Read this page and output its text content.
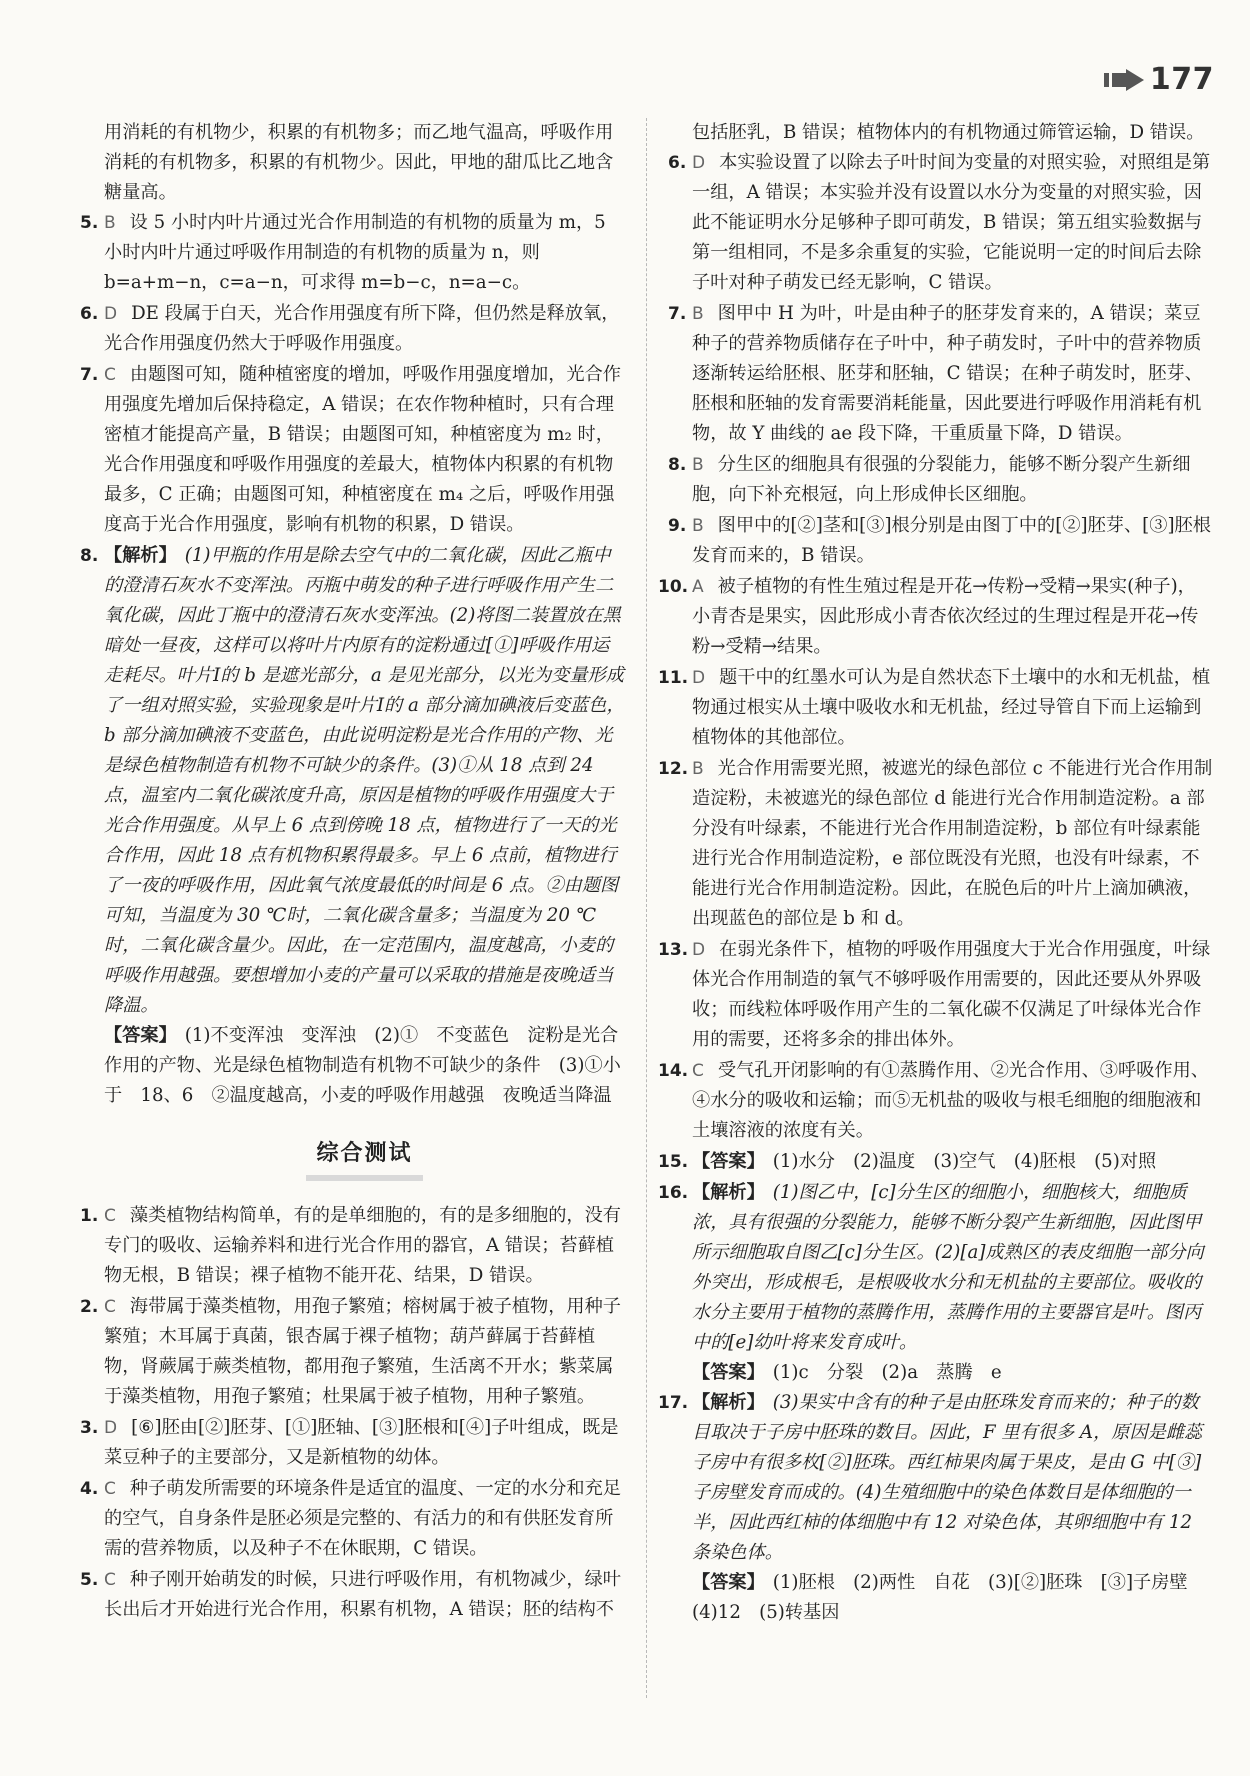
177

用消耗的有机物少，积累的有机物多；而乙地气温高，呼吸作用消耗的有机物多，积累的有机物少。因此，甲地的甜瓜比乙地含糖量高。

5. B 设 5 小时内叶片通过光合作用制造的有机物的质量为 m，5 小时内叶片通过呼吸作用制造的有机物的质量为 n，则 b=a+m−n，c=a−n，可求得 m=b−c，n=a−c。

6. D DE 段属于白天，光合作用强度有所下降，但仍然是释放氧，光合作用强度仍然大于呼吸作用强度。

7. C 由题图可知，随种植密度的增加，呼吸作用强度增加，光合作用强度先增加后保持稳定，A 错误；在农作物种植时，只有合理密植才能提高产量，B 错误；由题图可知，种植密度为 m₂ 时，光合作用强度和呼吸作用强度的差最大，植物体内积累的有机物最多，C 正确；由题图可知，种植密度在 m₄ 之后，呼吸作用强度高于光合作用强度，影响有机物的积累，D 错误。

8. 【解析】 (1)甲瓶的作用是除去空气中的二氧化碳，因此乙瓶中的澄清石灰水不变浑浊。丙瓶中萌发的种子进行呼吸作用产生二氧化碳，因此丁瓶中的澄清石灰水变浑浊。(2)将图二装置放在黑暗处一昼夜，这样可以将叶片内原有的淀粉通过[①]呼吸作用运走耗尽。叶片Ⅰ的 b 是遮光部分，a 是见光部分，以光为变量形成了一组对照实验，实验现象是叶片Ⅰ的 a 部分滴加碘液后变蓝色，b 部分滴加碘液不变蓝色，由此说明淀粉是光合作用的产物、光是绿色植物制造有机物不可缺少的条件。(3)①从 18 点到 24 点，温室内二氧化碳浓度升高，原因是植物的呼吸作用强度大于光合作用强度。从早上 6 点到傍晚 18 点，植物进行了一天的光合作用，因此 18 点有机物积累得最多。早上 6 点前，植物进行了一夜的呼吸作用，因此氧气浓度最低的时间是 6 点。②由题图可知，当温度为 30 ℃时，二氧化碳含量多；当温度为 20 ℃时，二氧化碳含量少。因此，在一定范围内，温度越高，小麦的呼吸作用越强。要想增加小麦的产量可以采取的措施是夜晚适当降温。

【答案】 (1)不变浑浊　变浑浊　(2)①　不变蓝色　淀粉是光合作用的产物、光是绿色植物制造有机物不可缺少的条件　(3)①小于　18、6　②温度越高，小麦的呼吸作用越强　夜晚适当降温

综合测试

1. C 藻类植物结构简单，有的是单细胞的，有的是多细胞的，没有专门的吸收、运输养料和进行光合作用的器官，A 错误；苔藓植物无根，B 错误；裸子植物不能开花、结果，D 错误。

2. C 海带属于藻类植物，用孢子繁殖；榕树属于被子植物，用种子繁殖；木耳属于真菌，银杏属于裸子植物；葫芦藓属于苔藓植物，肾蕨属于蕨类植物，都用孢子繁殖，生活离不开水；紫菜属于藻类植物，用孢子繁殖；杜果属于被子植物，用种子繁殖。

3. D [⑥]胚由[②]胚芽、[①]胚轴、[③]胚根和[④]子叶组成，既是菜豆种子的主要部分，又是新植物的幼体。

4. C 种子萌发所需要的环境条件是适宜的温度、一定的水分和充足的空气，自身条件是胚必须是完整的、有活力的和有供胚发育所需的营养物质，以及种子不在休眠期，C 错误。

5. C 种子刚开始萌发的时候，只进行呼吸作用，有机物减少，绿叶长出后才开始进行光合作用，积累有机物，A 错误；胚的结构不

包括胚乳，B 错误；植物体内的有机物通过筛管运输，D 错误。

6. D 本实验设置了以除去子叶时间为变量的对照实验，对照组是第一组，A 错误；本实验并没有设置以水分为变量的对照实验，因此不能证明水分足够种子即可萌发，B 错误；第五组实验数据与第一组相同，不是多余重复的实验，它能说明一定的时间后去除子叶对种子萌发已经无影响，C 错误。

7. B 图甲中 H 为叶，叶是由种子的胚芽发育来的，A 错误；菜豆种子的营养物质储存在子叶中，种子萌发时，子叶中的营养物质逐渐转运给胚根、胚芽和胚轴，C 错误；在种子萌发时，胚芽、胚根和胚轴的发育需要消耗能量，因此要进行呼吸作用消耗有机物，故 Y 曲线的 ae 段下降，干重质量下降，D 错误。

8. B 分生区的细胞具有很强的分裂能力，能够不断分裂产生新细胞，向下补充根冠，向上形成伸长区细胞。

9. B 图甲中的[②]茎和[③]根分别是由图丁中的[②]胚芽、[③]胚根发育而来的，B 错误。

10. A 被子植物的有性生殖过程是开花→传粉→受精→果实(种子)，小青杏是果实，因此形成小青杏依次经过的生理过程是开花→传粉→受精→结果。

11. D 题干中的红墨水可认为是自然状态下土壤中的水和无机盐，植物通过根实从土壤中吸收水和无机盐，经过导管自下而上运输到植物体的其他部位。

12. B 光合作用需要光照，被遮光的绿色部位 c 不能进行光合作用制造淀粉，未被遮光的绿色部位 d 能进行光合作用制造淀粉。a 部分没有叶绿素，不能进行光合作用制造淀粉，b 部位有叶绿素能进行光合作用制造淀粉，e 部位既没有光照，也没有叶绿素，不能进行光合作用制造淀粉。因此，在脱色后的叶片上滴加碘液，出现蓝色的部位是 b 和 d。

13. D 在弱光条件下，植物的呼吸作用强度大于光合作用强度，叶绿体光合作用制造的氧气不够呼吸作用需要的，因此还要从外界吸收；而线粒体呼吸作用产生的二氧化碳不仅满足了叶绿体光合作用的需要，还将多余的排出体外。

14. C 受气孔开闭影响的有①蒸腾作用、②光合作用、③呼吸作用、④水分的吸收和运输；而⑤无机盐的吸收与根毛细胞的细胞液和土壤溶液的浓度有关。

15. 【答案】 (1)水分　(2)温度　(3)空气　(4)胚根　(5)对照

16. 【解析】 (1)图乙中，[c]分生区的细胞小，细胞核大，细胞质浓，具有很强的分裂能力，能够不断分裂产生新细胞，因此图甲所示细胞取自图乙[c]分生区。(2)[a]成熟区的表皮细胞一部分向外突出，形成根毛，是根吸收水分和无机盐的主要部位。吸收的水分主要用于植物的蒸腾作用，蒸腾作用的主要器官是叶。图丙中的[e]幼叶将来发育成叶。

【答案】 (1)c　分裂　(2)a　蒸腾　e

17. 【解析】 (3)果实中含有的种子是由胚珠发育而来的；种子的数目取决于子房中胚珠的数目。因此，F 里有很多 A，原因是雌蕊子房中有很多枚[②]胚珠。西红柿果肉属于果皮，是由 G 中[③]子房壁发育而成的。(4)生殖细胞中的染色体数目是体细胞的一半，因此西红柿的体细胞中有 12 对染色体，其卵细胞中有 12 条染色体。

【答案】 (1)胚根　(2)两性　自花　(3)[②]胚珠　[③]子房壁　(4)12　(5)转基因
